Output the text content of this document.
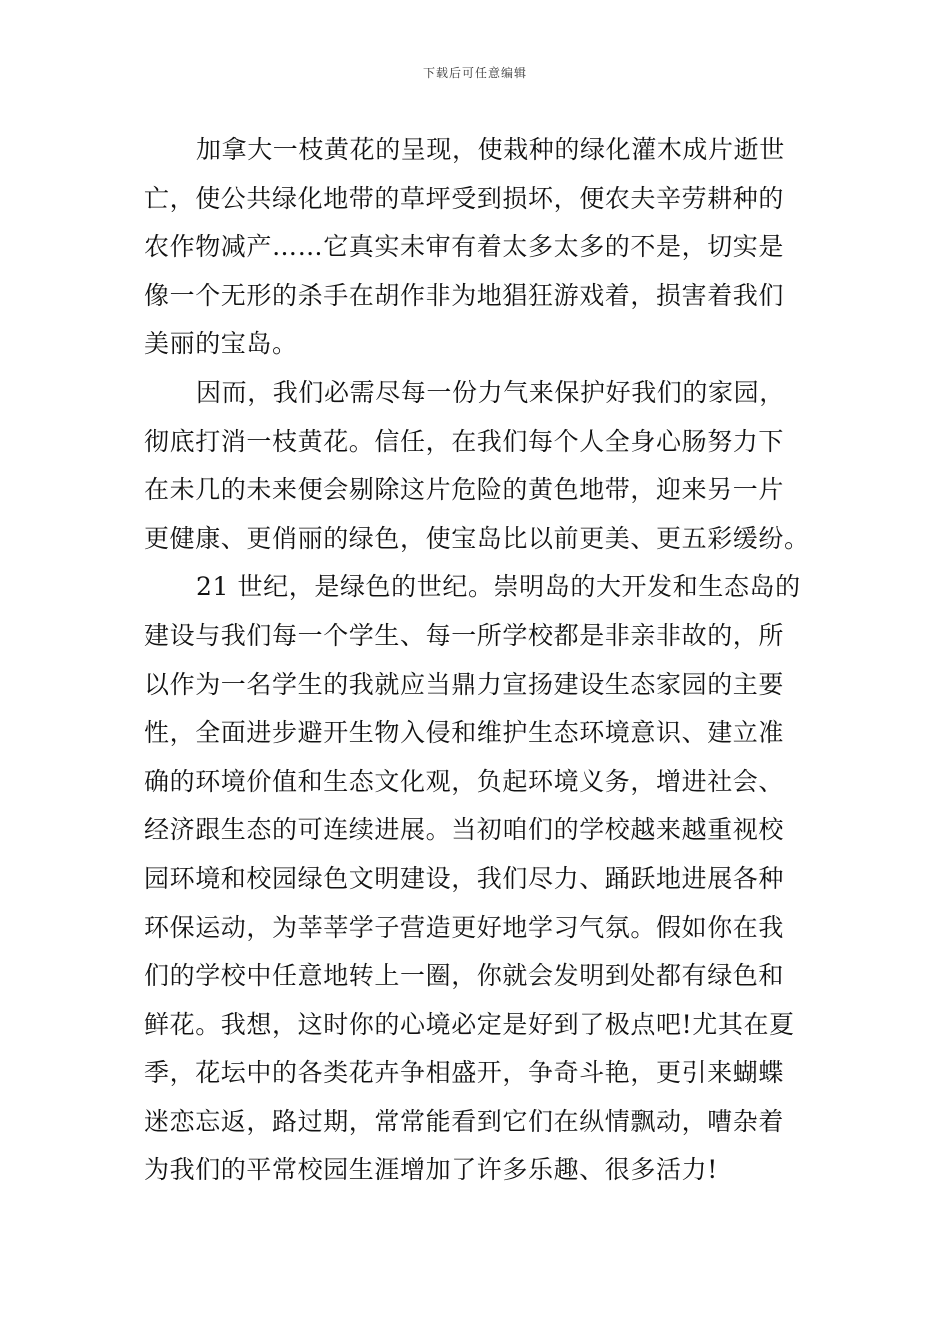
下载后可任意编辑
加拿大一枝黄花的呈现，使栽种的绿化灌木成片逝世
亡，使公共绿化地带的草坪受到损坏，便农夫辛劳耕种的
农作物减产……它真实未审有着太多太多的不是，切实是
像一个无形的杀手在胡作非为地猖狂游戏着，损害着我们
美丽的宝岛。
因而，我们必需尽每一份力气来保护好我们的家园，
彻底打消一枝黄花。信任，在我们每个人全身心肠努力下
在未几的未来便会剔除这片危险的黄色地带，迎来另一片
更健康、更俏丽的绿色，使宝岛比以前更美、更五彩缓纷。
21 世纪，是绿色的世纪。崇明岛的大开发和生态岛的
建设与我们每一个学生、每一所学校都是非亲非故的，所
以作为一名学生的我就应当鼎力宣扬建设生态家园的主要
性，全面进步避开生物入侵和维护生态环境意识、建立准
确的环境价值和生态文化观，负起环境义务，增进社会、
经济跟生态的可连续进展。当初咱们的学校越来越重视校
园环境和校园绿色文明建设，我们尽力、踊跃地进展各种
环保运动，为莘莘学子营造更好地学习气氛。假如你在我
们的学校中任意地转上一圈，你就会发明到处都有绿色和
鲜花。我想，这时你的心境必定是好到了极点吧!尤其在夏
季，花坛中的各类花卉争相盛开，争奇斗艳，更引来蝴蝶
迷恋忘返，路过期，常常能看到它们在纵情飘动，嘈杂着
为我们的平常校园生涯增加了许多乐趣、很多活力!
